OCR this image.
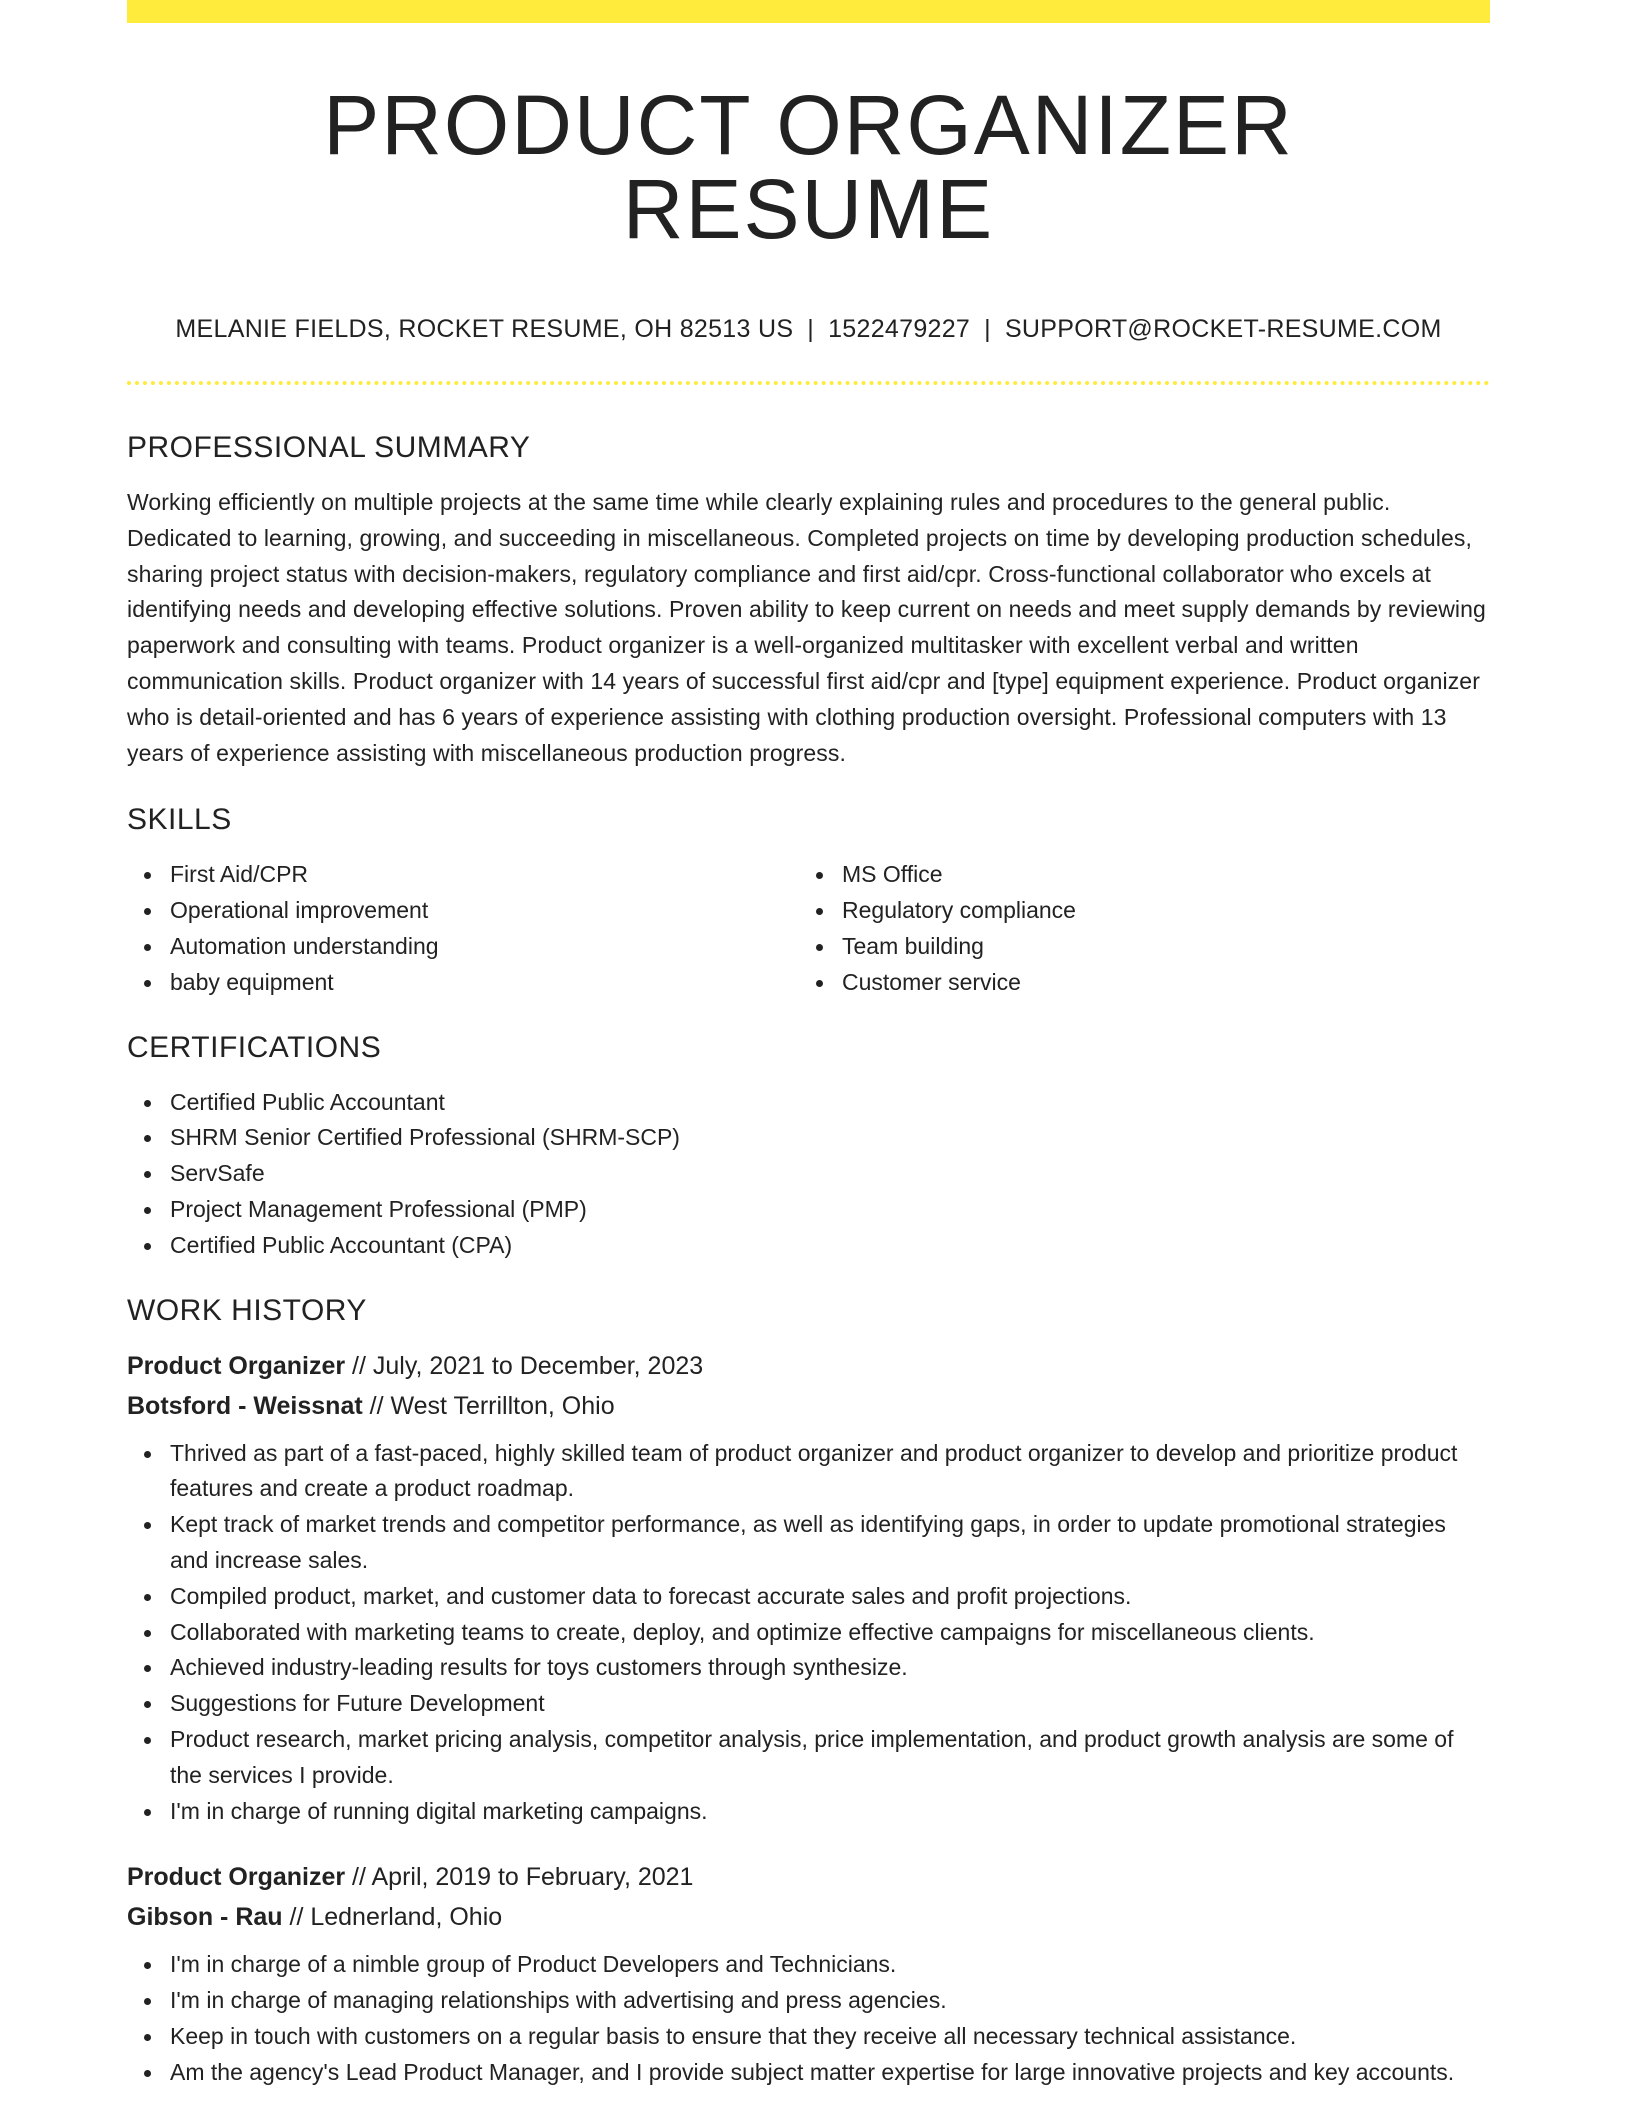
PRODUCT ORGANIZER RESUME
MELANIE FIELDS, ROCKET RESUME, OH 82513 US | 1522479227 | SUPPORT@ROCKET-RESUME.COM
PROFESSIONAL SUMMARY

Working efficiently on multiple projects at the same time while clearly explaining rules and procedures to the general public. Dedicated to learning, growing, and succeeding in miscellaneous. Completed projects on time by developing production schedules, sharing project status with decision-makers, regulatory compliance and first aid/cpr. Cross-functional collaborator who excels at identifying needs and developing effective solutions. Proven ability to keep current on needs and meet supply demands by reviewing paperwork and consulting with teams. Product organizer is a well-organized multitasker with excellent verbal and written communication skills. Product organizer with 14 years of successful first aid/cpr and [type] equipment experience. Product organizer who is detail-oriented and has 6 years of experience assisting with clothing production oversight. Professional computers with 13 years of experience assisting with miscellaneous production progress.

SKILLS
First Aid/CPR
Operational improvement
Automation understanding
baby equipment
MS Office
Regulatory compliance
Team building
Customer service
CERTIFICATIONS
Certified Public Accountant
SHRM Senior Certified Professional (SHRM-SCP)
ServSafe
Project Management Professional (PMP)
Certified Public Accountant (CPA)
WORK HISTORY
Product Organizer // July, 2021 to December, 2023
Botsford - Weissnat // West Terrillton, Ohio
Thrived as part of a fast-paced, highly skilled team of product organizer and product organizer to develop and prioritize product features and create a product roadmap.
Kept track of market trends and competitor performance, as well as identifying gaps, in order to update promotional strategies and increase sales.
Compiled product, market, and customer data to forecast accurate sales and profit projections.
Collaborated with marketing teams to create, deploy, and optimize effective campaigns for miscellaneous clients.
Achieved industry-leading results for toys customers through synthesize.
Suggestions for Future Development
Product research, market pricing analysis, competitor analysis, price implementation, and product growth analysis are some of the services I provide.
I'm in charge of running digital marketing campaigns.
Product Organizer // April, 2019 to February, 2021
Gibson - Rau // Lednerland, Ohio
I'm in charge of a nimble group of Product Developers and Technicians.
I'm in charge of managing relationships with advertising and press agencies.
Keep in touch with customers on a regular basis to ensure that they receive all necessary technical assistance.
Am the agency's Lead Product Manager, and I provide subject matter expertise for large innovative projects and key accounts.
